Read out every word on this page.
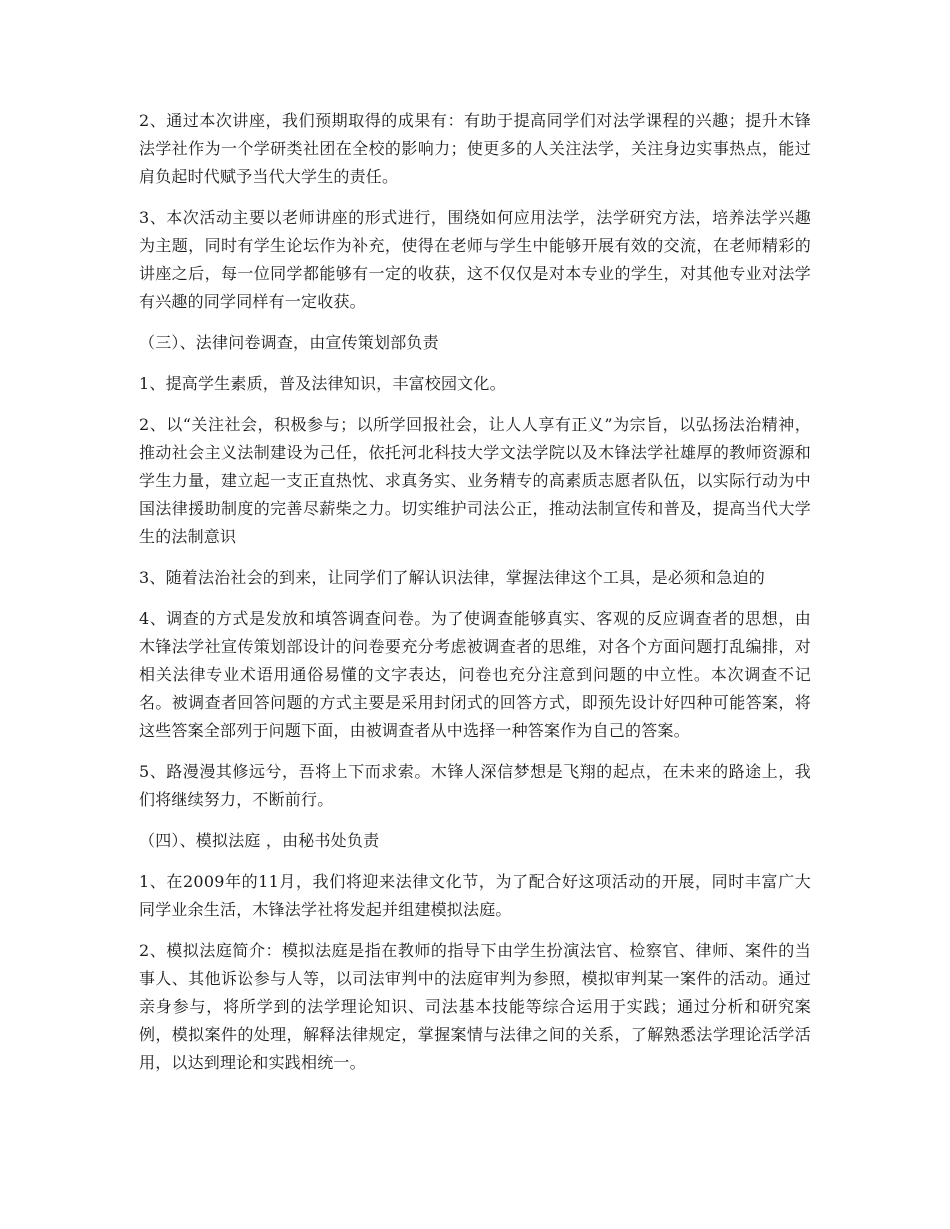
2、通过本次讲座，我们预期取得的成果有：有助于提高同学们对法学课程的兴趣；提升木锋法学社作为一个学研类社团在全校的影响力；使更多的人关注法学，关注身边实事热点，能过肩负起时代赋予当代大学生的责任。

3、本次活动主要以老师讲座的形式进行，围绕如何应用法学，法学研究方法，培养法学兴趣为主题，同时有学生论坛作为补充，使得在老师与学生中能够开展有效的交流，在老师精彩的讲座之后，每一位同学都能够有一定的收获，这不仅仅是对本专业的学生，对其他专业对法学有兴趣的同学同样有一定收获。

（三）、法律问卷调查，由宣传策划部负责

1、提高学生素质，普及法律知识，丰富校园文化。

2、以“关注社会，积极参与；以所学回报社会，让人人享有正义”为宗旨，以弘扬法治精神，推动社会主义法制建设为己任，依托河北科技大学文法学院以及木锋法学社雄厚的教师资源和学生力量，建立起一支正直热忱、求真务实、业务精专的高素质志愿者队伍，以实际行动为中国法律援助制度的完善尽薪柴之力。切实维护司法公正，推动法制宣传和普及，提高当代大学生的法制意识

3、随着法治社会的到来，让同学们了解认识法律，掌握法律这个工具，是必须和急迫的

4、调查的方式是发放和填答调查问卷。为了使调查能够真实、客观的反应调查者的思想，由木锋法学社宣传策划部设计的问卷要充分考虑被调查者的思维，对各个方面问题打乱编排，对相关法律专业术语用通俗易懂的文字表达，问卷也充分注意到问题的中立性。本次调查不记名。被调查者回答问题的方式主要是采用封闭式的回答方式，即预先设计好四种可能答案，将这些答案全部列于问题下面，由被调查者从中选择一种答案作为自己的答案。

5、路漫漫其修远兮，吾将上下而求索。木锋人深信梦想是飞翔的起点，在未来的路途上，我们将继续努力，不断前行。

（四）、模拟法庭 ，由秘书处负责

1、在2009年的11月，我们将迎来法律文化节，为了配合好这项活动的开展，同时丰富广大同学业余生活，木锋法学社将发起并组建模拟法庭。

2、模拟法庭简介：模拟法庭是指在教师的指导下由学生扮演法官、检察官、律师、案件的当事人、其他诉讼参与人等，以司法审判中的法庭审判为参照，模拟审判某一案件的活动。通过亲身参与，将所学到的法学理论知识、司法基本技能等综合运用于实践；通过分析和研究案例，模拟案件的处理，解释法律规定，掌握案情与法律之间的关系，了解熟悉法学理论活学活用，以达到理论和实践相统一。
